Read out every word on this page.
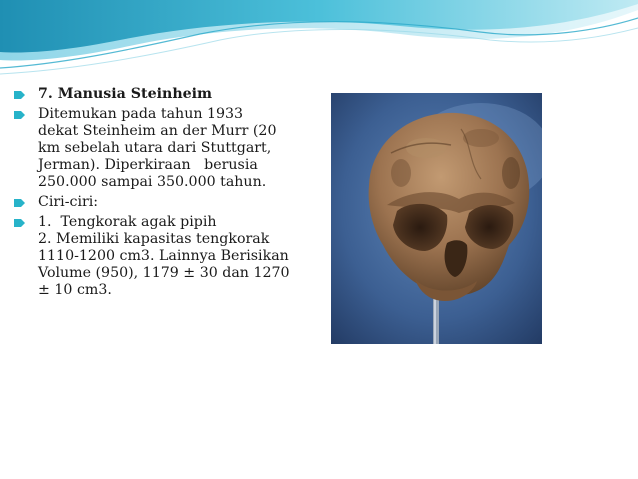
7. Manusia Steinheim
Ditemukan pada tahun 1933
dekat Steinheim an der Murr (20
km sebelah utara dari Stuttgart,
Jerman). Diperkiraan   berusia
250.000 sampai 350.000 tahun.
Ciri-ciri:
1.  Tengkorak agak pipih
2. Memiliki kapasitas tengkorak
1110-1200 cm3. Lainnya Berisikan
Volume (950), 1179 ± 30 dan 1270
± 10 cm3.
